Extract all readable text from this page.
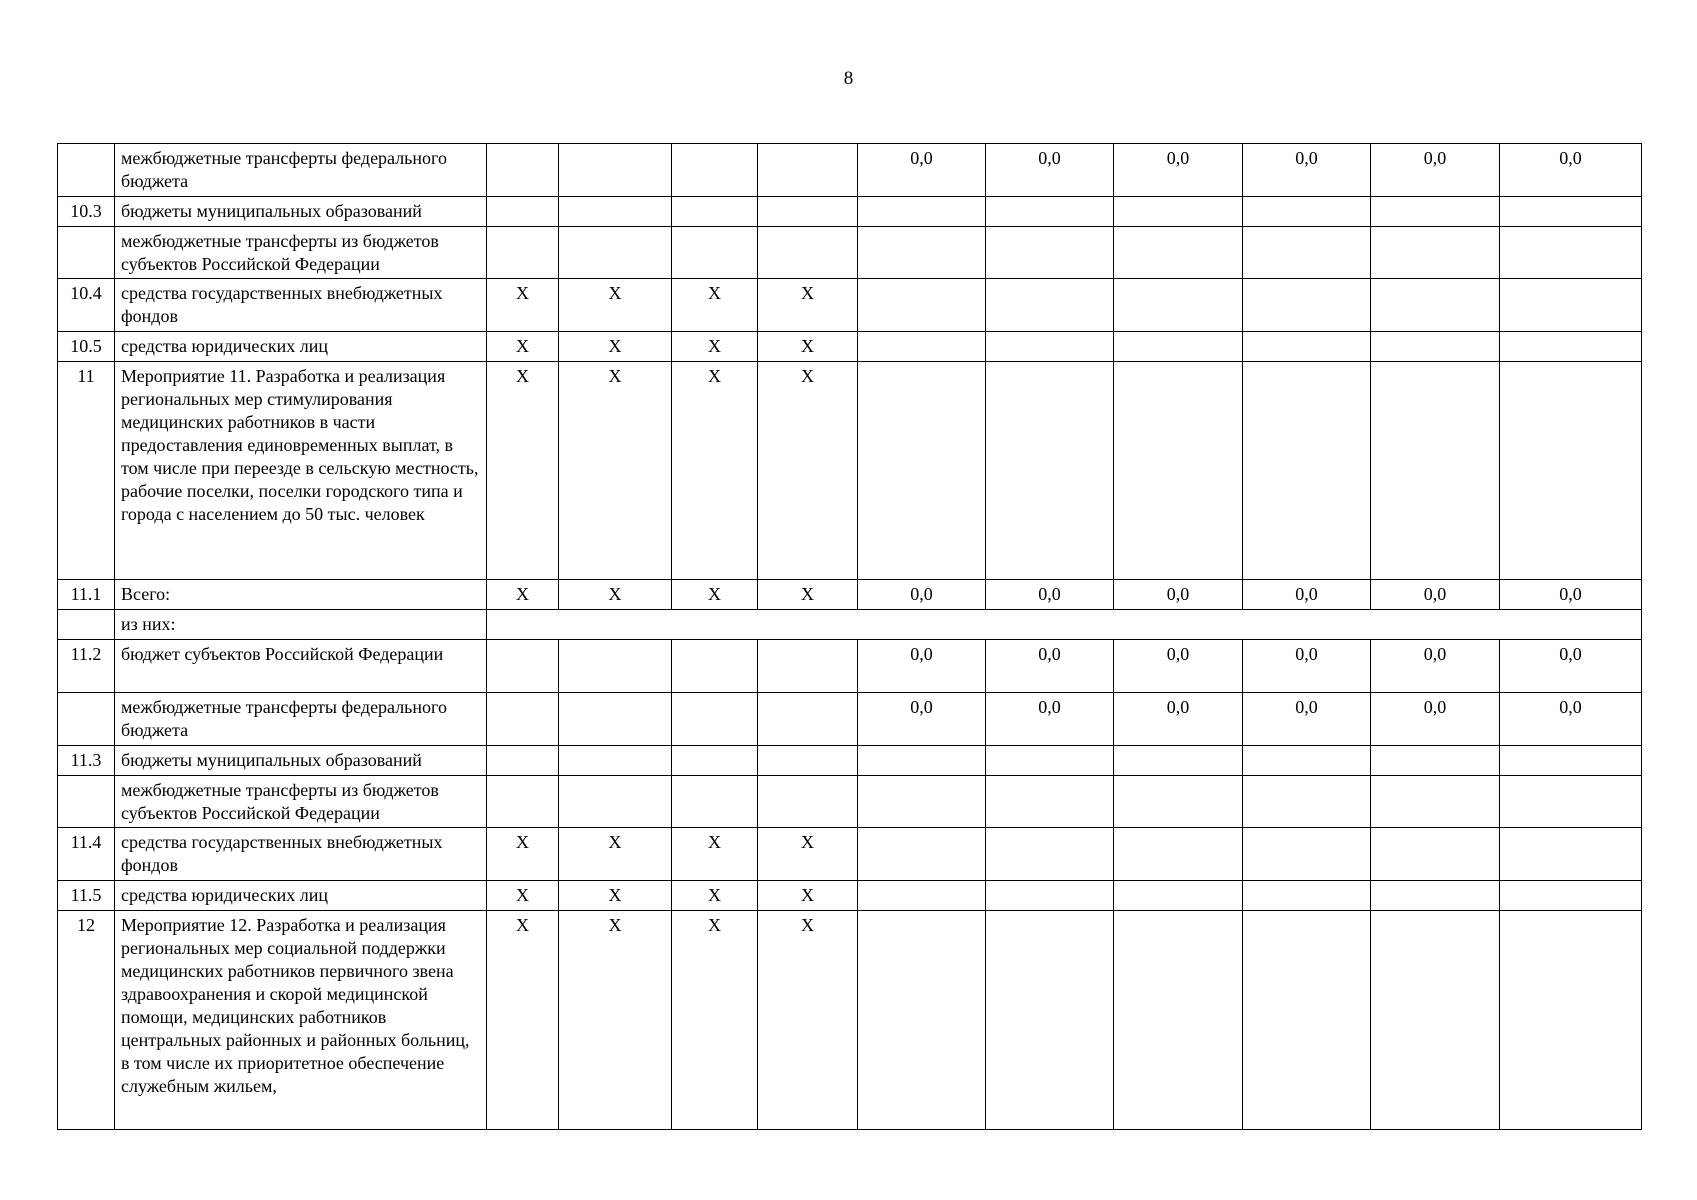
8
	межбюджетные трансферты федерального бюджета					0,0	0,0	0,0	0,0	0,0	0,0
10.3	бюджеты муниципальных образований										
	межбюджетные трансферты из бюджетов субъектов Российской Федерации										
10.4	средства государственных внебюджетных фондов	X	X	X	X						
10.5	средства юридических лиц	X	X	X	X						
11	Мероприятие 11. Разработка и реализация региональных мер стимулирования медицинских работников в части предоставления единовременных выплат, в том числе при переезде в сельскую местность, рабочие поселки, поселки городского типа и города с населением до 50 тыс. человек	X	X	X	X						
11.1	Всего:	X	X	X	X	0,0	0,0	0,0	0,0	0,0	0,0
	из них:										
11.2	бюджет субъектов Российской Федерации					0,0	0,0	0,0	0,0	0,0	0,0
	межбюджетные трансферты федерального бюджета					0,0	0,0	0,0	0,0	0,0	0,0
11.3	бюджеты муниципальных образований										
	межбюджетные трансферты из бюджетов субъектов Российской Федерации										
11.4	средства государственных внебюджетных фондов	X	X	X	X						
11.5	средства юридических лиц	X	X	X	X						
12	Мероприятие 12. Разработка и реализация региональных мер социальной поддержки медицинских работников первичного звена здравоохранения и скорой медицинской помощи, медицинских работников центральных районных и районных больниц, в том числе их приоритетное обеспечение служебным жильем,	X	X	X	X						
